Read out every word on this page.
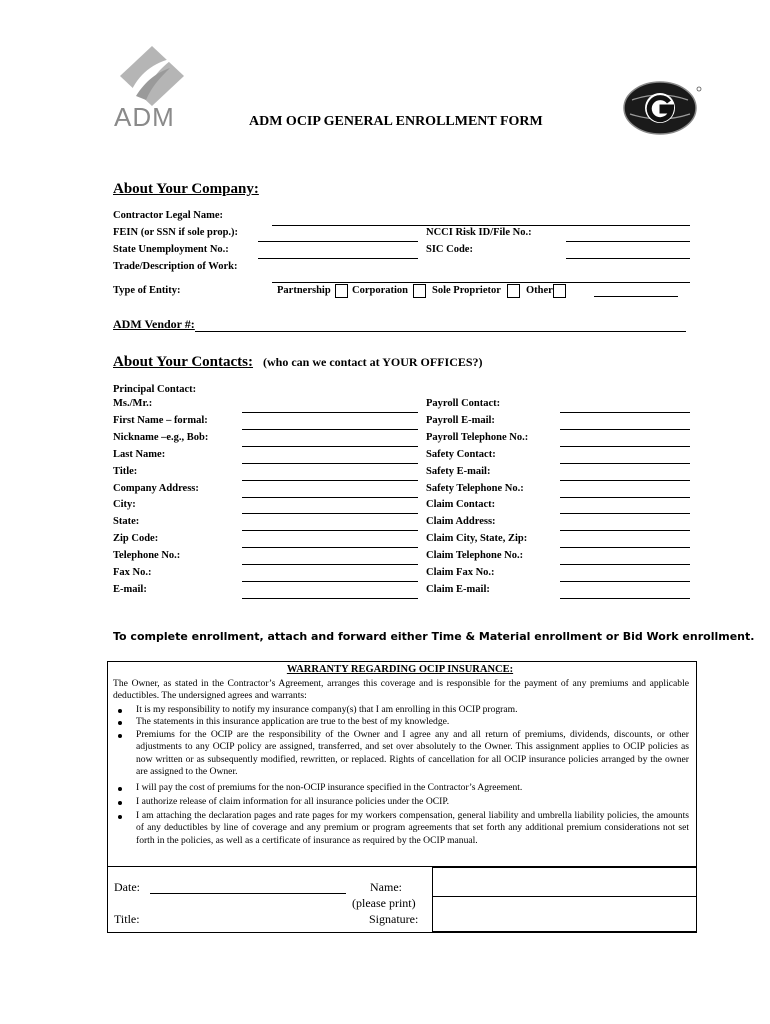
ADM	ADM OCIP GENERAL ENROLLMENT FORM
About Your Company:
Contractor Legal Name:
FEIN (or SSN if sole prop.):	NCCI Risk ID/File No.:
State Unemployment No.:	SIC Code:
Trade/Description of Work:
Type of Entity:	Partnership Corporation Sole Proprietor Other
ADM Vendor #:
About Your Contacts: (who can we contact at YOUR OFFICES?)
Principal Contact:
Ms./Mr.:
First Name – formal:
Nickname –e.g., Bob:
Last Name:
Title:
Company Address:
City:
State:
Zip Code:
Telephone No.:
Fax No.:
E-mail:
Payroll Contact:
Payroll E-mail:
Payroll Telephone No.:
Safety Contact:
Safety E-mail:
Safety Telephone No.:
Claim Contact:
Claim Address:
Claim City, State, Zip:
Claim Telephone No.:
Claim Fax No.:
Claim E-mail:
To complete enrollment, attach and forward either Time & Material enrollment or Bid Work enrollment.
WARRANTY REGARDING OCIP INSURANCE:
The Owner, as stated in the Contractor’s Agreement, arranges this coverage and is responsible for the payment of any premiums and applicable deductibles. The undersigned agrees and warrants:
It is my responsibility to notify my insurance company(s) that I am enrolling in this OCIP program.
The statements in this insurance application are true to the best of my knowledge.
Premiums for the OCIP are the responsibility of the Owner and I agree any and all return of premiums, dividends, discounts, or other adjustments to any OCIP policy are assigned, transferred, and set over absolutely to the Owner. This assignment applies to OCIP policies as now written or as subsequently modified, rewritten, or replaced. Rights of cancellation for all OCIP insurance policies arranged by the owner are assigned to the Owner.
I will pay the cost of premiums for the non-OCIP insurance specified in the Contractor’s Agreement.
I authorize release of claim information for all insurance policies under the OCIP.
I am attaching the declaration pages and rate pages for my workers compensation, general liability and umbrella liability policies, the amounts of any deductibles by line of coverage and any premium or program agreements that set forth any additional premium considerations not set forth in the policies, as well as a certificate of insurance as required by the OCIP manual.
Date:
Title:
Name:
(please print)
Signature:
